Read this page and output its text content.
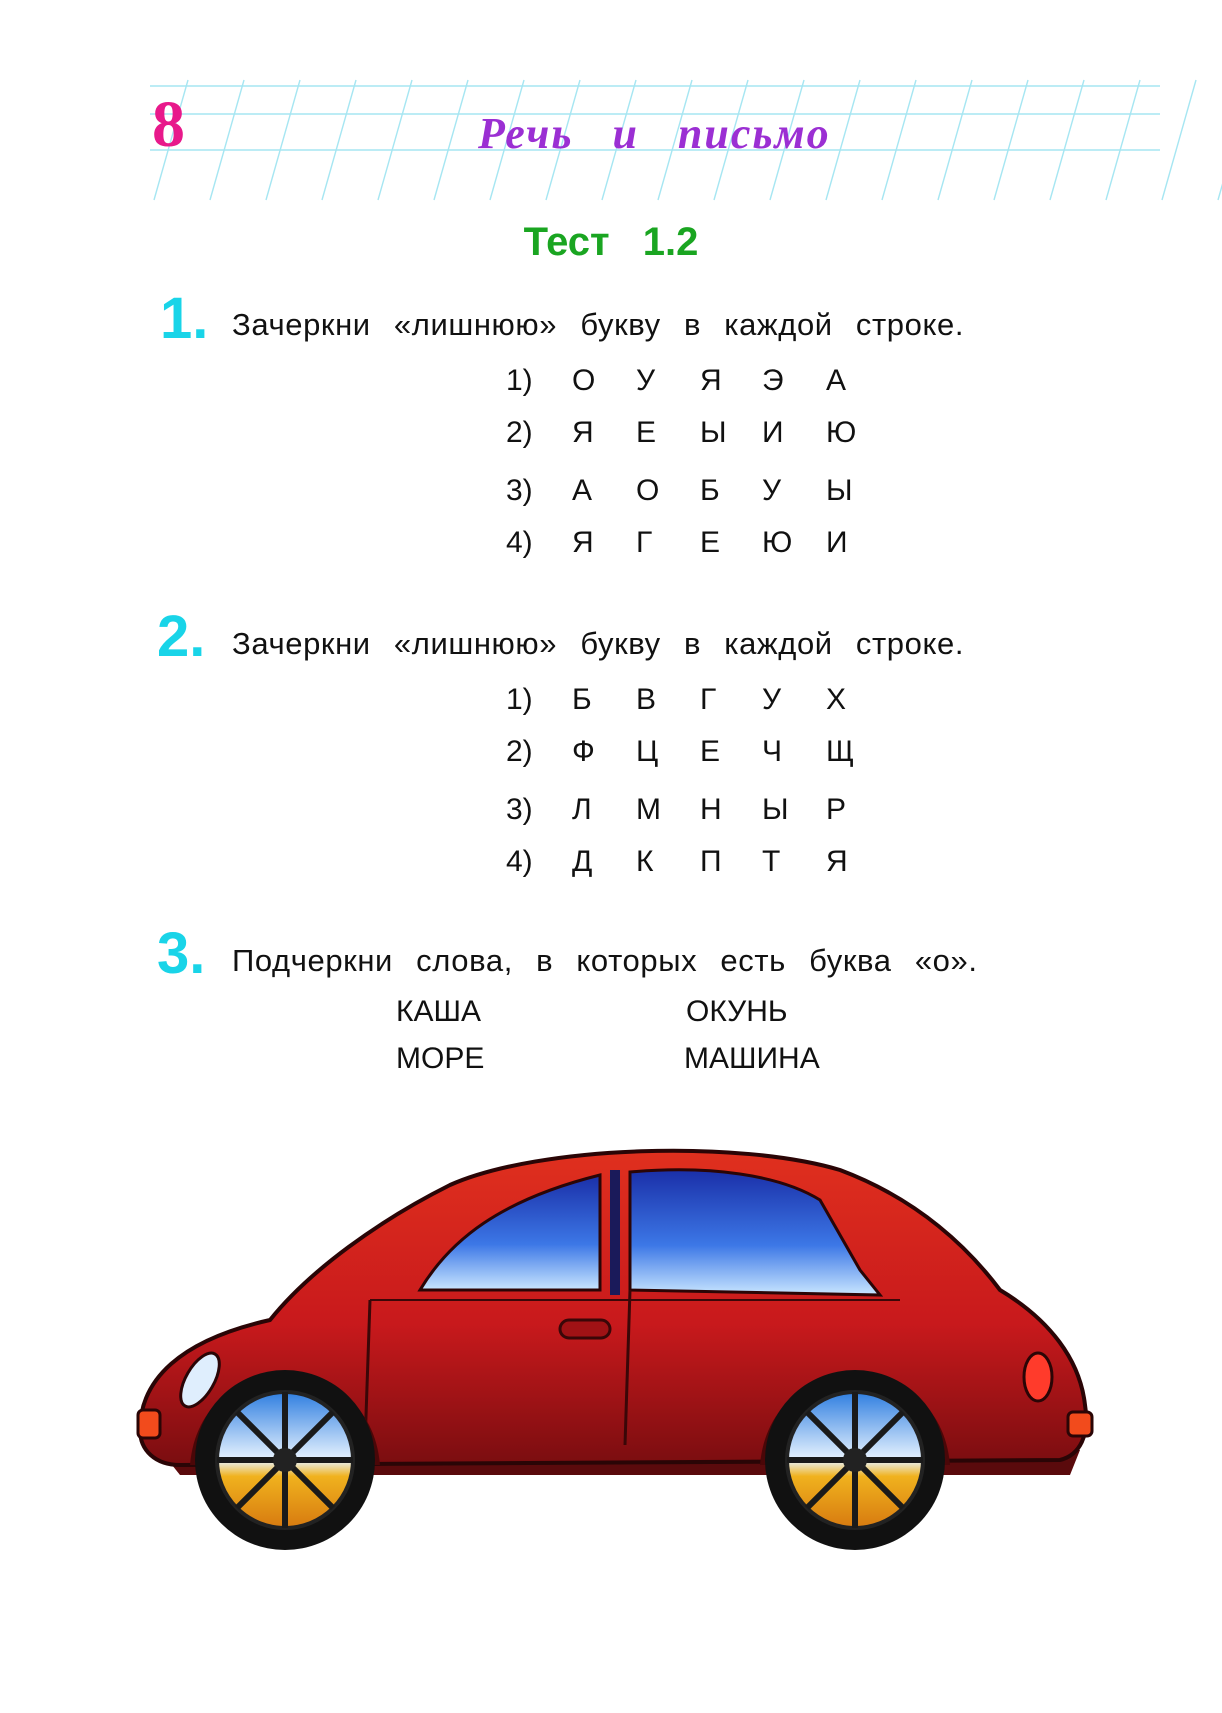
8	Речь и письмо
Тест 1.2
1. Зачеркни «лишнюю» букву в каждой строке.
1) О У Я Э А
2) Я Е Ы И Ю
3) А О Б У Ы
4) Я Г Е Ю И
2. Зачеркни «лишнюю» букву в каждой строке.
1) Б В Г У Х
2) Ф Ц Е Ч Щ
3) Л М Н Ы Р
4) Д К П Т Я
3. Подчеркни слова, в которых есть буква «о».
КАША	ОКУНЬ
МОРЕ	МАШИНА
